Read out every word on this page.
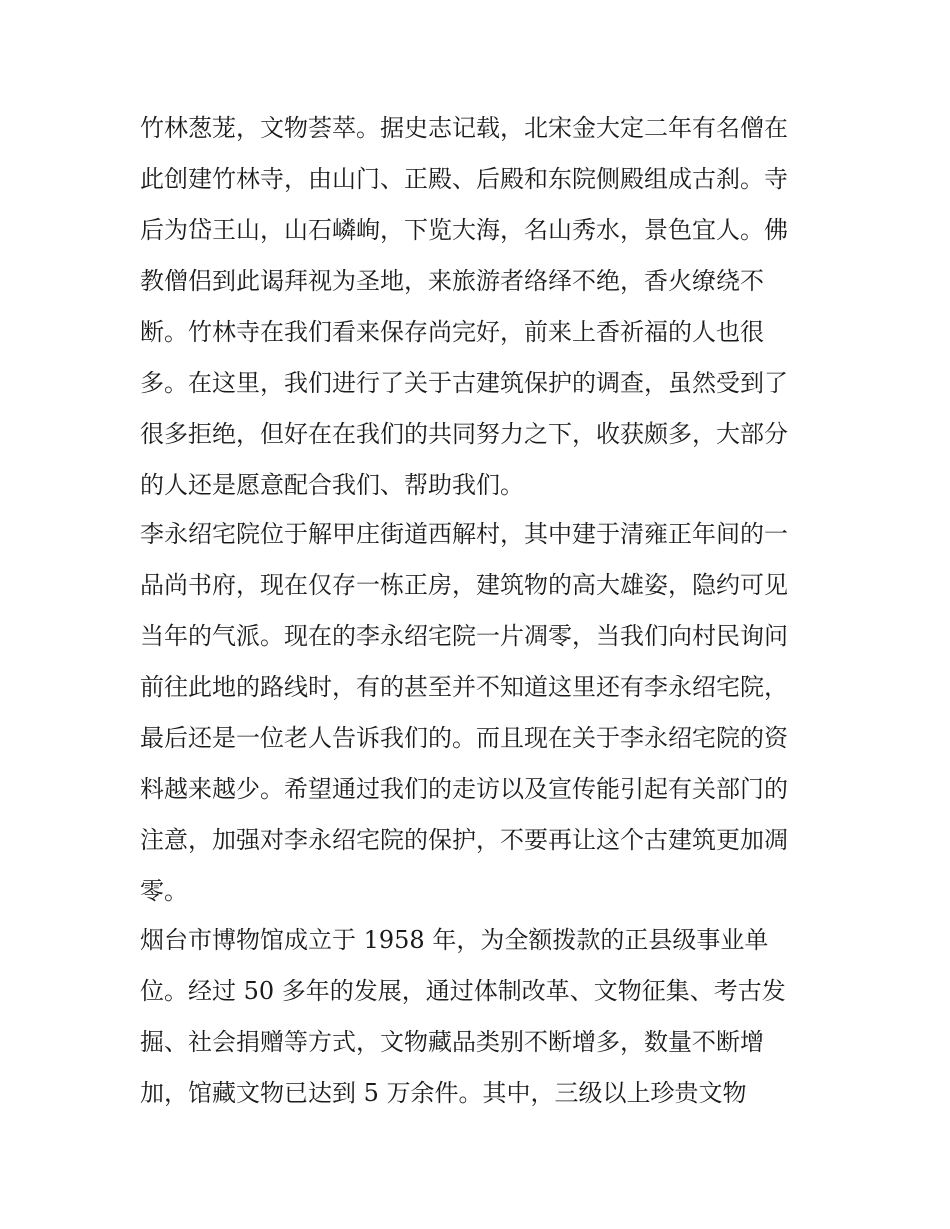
竹林葱茏，文物荟萃。据史志记载，北宋金大定二年有名僧在

此创建竹林寺，由山门、正殿、后殿和东院侧殿组成古刹。寺

后为岱王山，山石嶙峋，下览大海，名山秀水，景色宜人。佛

教僧侣到此谒拜视为圣地，来旅游者络绎不绝，香火缭绕不

断。竹林寺在我们看来保存尚完好，前来上香祈福的人也很

多。在这里，我们进行了关于古建筑保护的调查，虽然受到了

很多拒绝，但好在在我们的共同努力之下，收获颇多，大部分

的人还是愿意配合我们、帮助我们。

李永绍宅院位于解甲庄街道西解村，其中建于清雍正年间的一

品尚书府，现在仅存一栋正房，建筑物的高大雄姿，隐约可见

当年的气派。现在的李永绍宅院一片凋零，当我们向村民询问

前往此地的路线时，有的甚至并不知道这里还有李永绍宅院，

最后还是一位老人告诉我们的。而且现在关于李永绍宅院的资

料越来越少。希望通过我们的走访以及宣传能引起有关部门的

注意，加强对李永绍宅院的保护，不要再让这个古建筑更加凋

零。

烟台市博物馆成立于 1958 年，为全额拨款的正县级事业单

位。经过 50 多年的发展，通过体制改革、文物征集、考古发

掘、社会捐赠等方式，文物藏品类别不断增多，数量不断增

加，馆藏文物已达到 5 万余件。其中，三级以上珍贵文物
